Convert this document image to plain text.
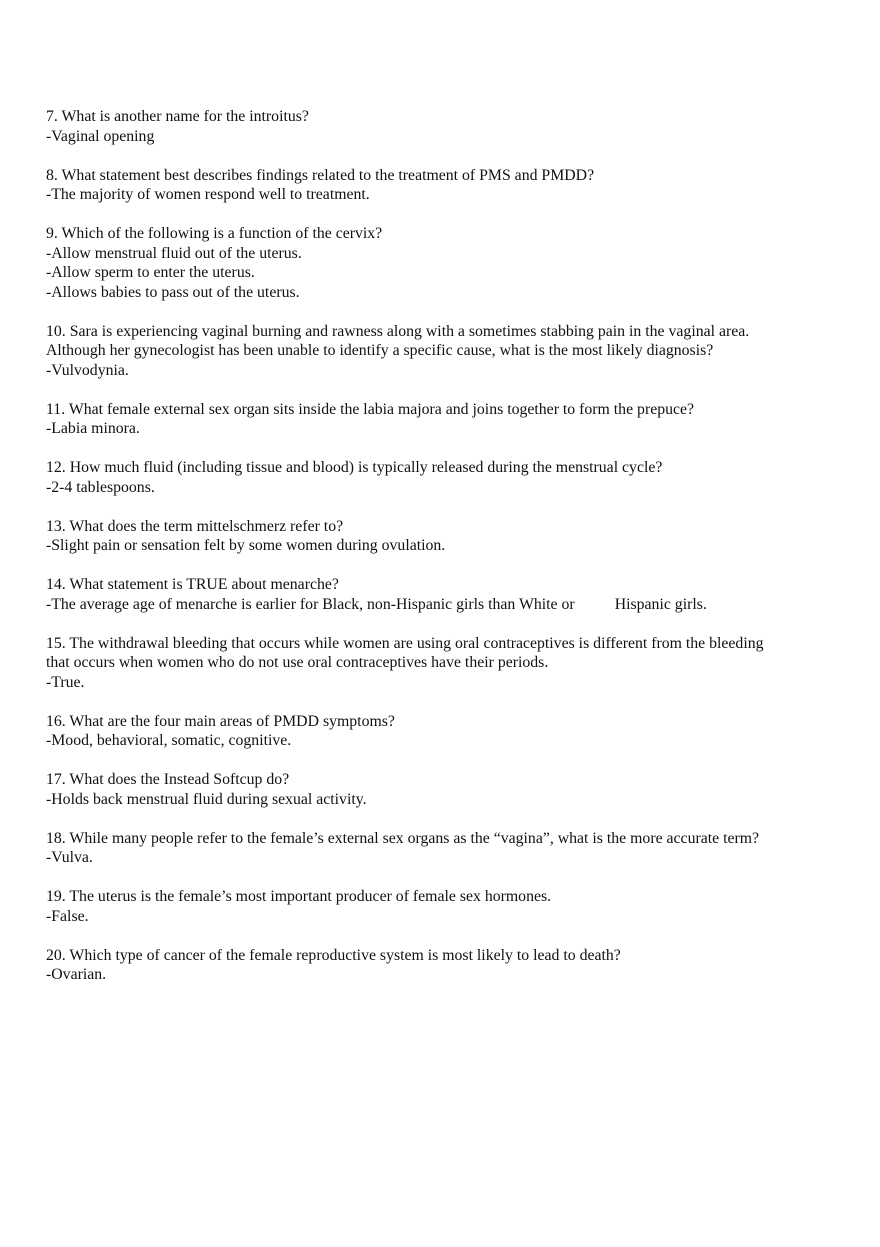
7. What is another name for the introitus?
-Vaginal opening
8. What statement best describes findings related to the treatment of PMS and PMDD?
-The majority of women respond well to treatment.
9. Which of the following is a function of the cervix?
-Allow menstrual fluid out of the uterus.
-Allow sperm to enter the uterus.
-Allows babies to pass out of the uterus.
10. Sara is experiencing vaginal burning and rawness along with a sometimes stabbing pain in the vaginal area.
Although her gynecologist has been unable to identify a specific cause, what is the most likely diagnosis?
-Vulvodynia.
11. What female external sex organ sits inside the labia majora and joins together to form the prepuce?
-Labia minora.
12. How much fluid (including tissue and blood) is typically released during the menstrual cycle?
-2-4 tablespoons.
13. What does the term mittelschmerz refer to?
-Slight pain or sensation felt by some women during ovulation.
14. What statement is TRUE about menarche?
-The average age of menarche is earlier for Black, non-Hispanic girls than White or	Hispanic girls.
15. The withdrawal bleeding that occurs while women are using oral contraceptives is different from the bleeding
that occurs when women who do not use oral contraceptives have their periods.
-True.
16. What are the four main areas of PMDD symptoms?
-Mood, behavioral, somatic, cognitive.
17. What does the Instead Softcup do?
-Holds back menstrual fluid during sexual activity.
18. While many people refer to the female’s external sex organs as the “vagina”, what is the more accurate term?
-Vulva.
19. The uterus is the female’s most important producer of female sex hormones.
-False.
20. Which type of cancer of the female reproductive system is most likely to lead to death?
-Ovarian.
